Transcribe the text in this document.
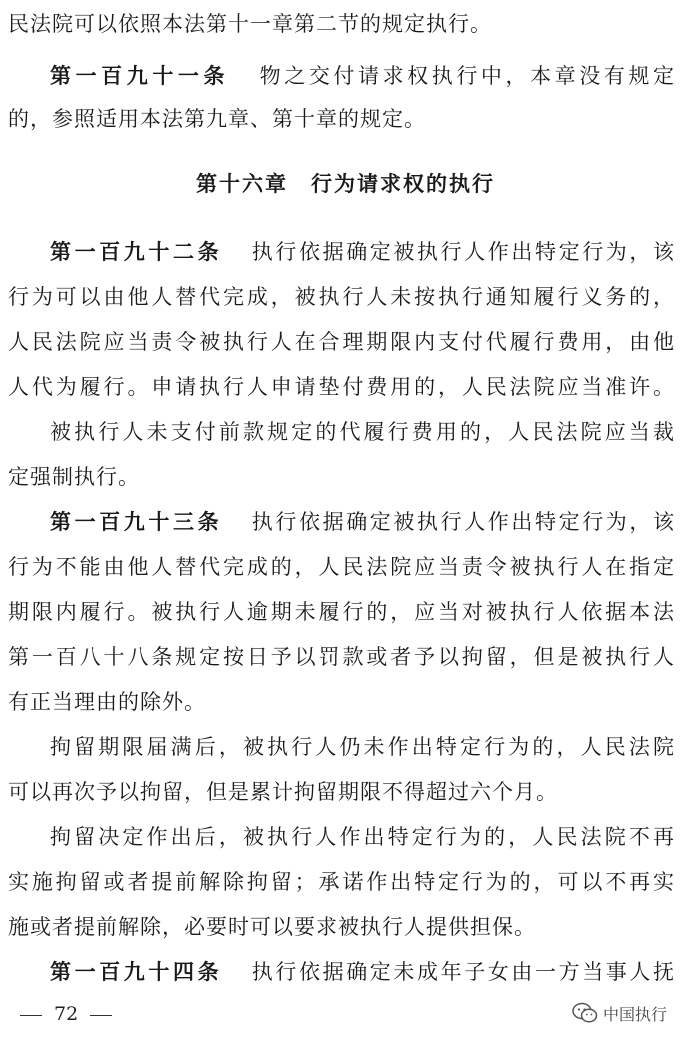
民法院可以依照本法第十一章第二节的规定执行。
第一百九十一条 物之交付请求权执行中，本章没有规定
的，参照适用本法第九章、第十章的规定。
第十六章　行为请求权的执行
第一百九十二条 执行依据确定被执行人作出特定行为，该
行为可以由他人替代完成，被执行人未按执行通知履行义务的，
人民法院应当责令被执行人在合理期限内支付代履行费用，由他
人代为履行。申请执行人申请垫付费用的，人民法院应当准许。
被执行人未支付前款规定的代履行费用的，人民法院应当裁
定强制执行。
第一百九十三条 执行依据确定被执行人作出特定行为，该
行为不能由他人替代完成的，人民法院应当责令被执行人在指定
期限内履行。被执行人逾期未履行的，应当对被执行人依据本法
第一百八十八条规定按日予以罚款或者予以拘留，但是被执行人
有正当理由的除外。
拘留期限届满后，被执行人仍未作出特定行为的，人民法院
可以再次予以拘留，但是累计拘留期限不得超过六个月。
拘留决定作出后，被执行人作出特定行为的，人民法院不再
实施拘留或者提前解除拘留；承诺作出特定行为的，可以不再实
施或者提前解除，必要时可以要求被执行人提供担保。
第一百九十四条 执行依据确定未成年子女由一方当事人抚
72	中国执行
